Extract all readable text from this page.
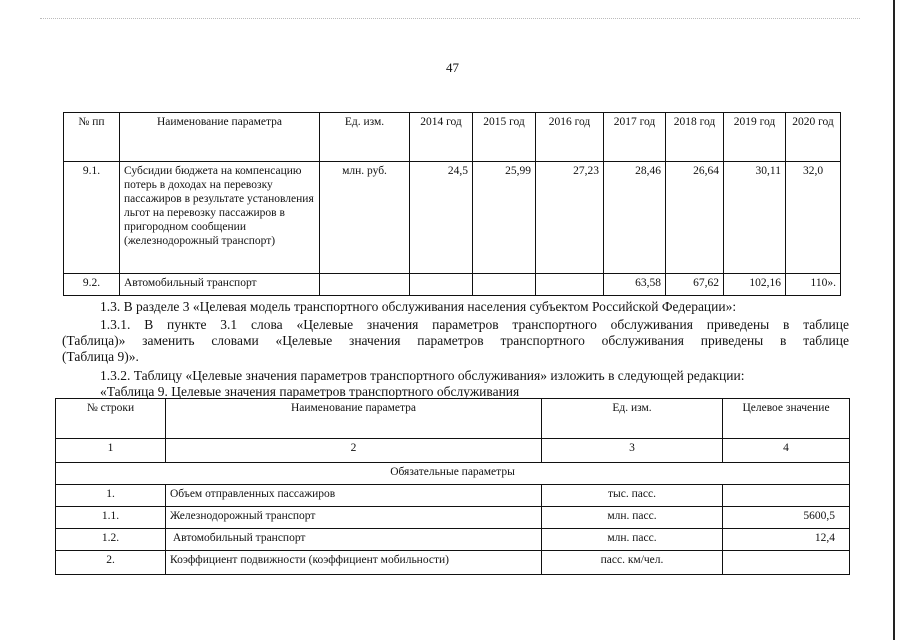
47
№ пп	Наименование параметра	Ед. изм.	2014 год	2015 год	2016 год	2017 год	2018 год	2019 год	2020 год
9.1.	Субсидии бюджета на компенсацию потерь в доходах на перевозку пассажиров в результате установления льгот на перевозку пассажиров в пригородном сообщении (железнодорожный транспорт)	млн. руб.	24,5	25,99	27,23	28,46	26,64	30,11	32,0
9.2.	Автомобильный транспорт					63,58	67,62	102,16	110».
1.3. В разделе 3 «Целевая модель транспортного обслуживания населения субъектом Российской Федерации»:
1.3.1. В пункте 3.1 слова «Целевые значения параметров транспортного обслуживания приведены в таблице
(Таблица)» заменить словами «Целевые значения параметров транспортного обслуживания приведены в таблице
(Таблица 9)».
1.3.2. Таблицу «Целевые значения параметров транспортного обслуживания» изложить в следующей редакции:
«Таблица 9. Целевые значения параметров транспортного обслуживания
№ строки	Наименование параметра	Ед. изм.	Целевое значение
1	2	3	4
Обязательные параметры			
1.	Объем отправленных пассажиров	тыс. пасс.	
1.1.	Железнодорожный транспорт	млн. пасс.	5600,5
1.2.	Автомобильный транспорт	млн. пасс.	12,4
2.	Коэффициент подвижности (коэффициент мобильности)	пасс. км/чел.	
